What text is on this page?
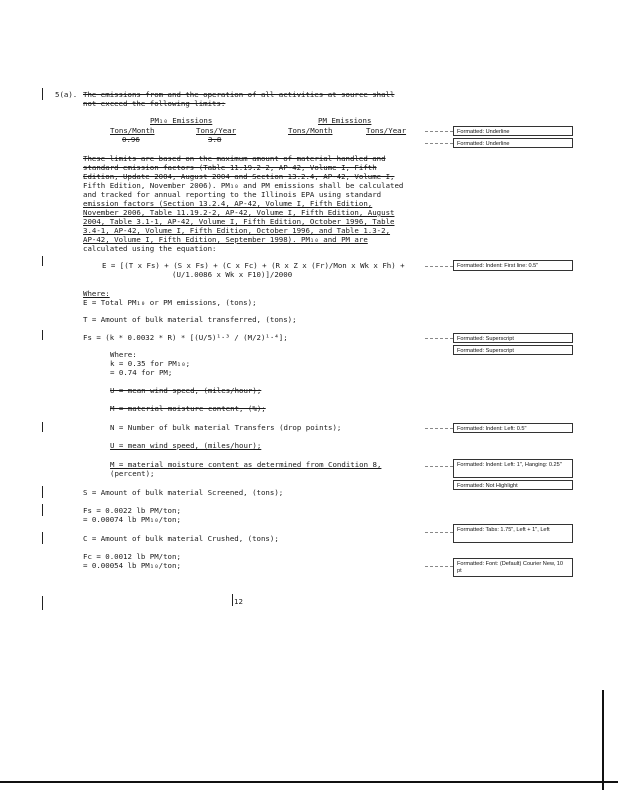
5(a). The emissions from and the operation of all activities at source shall
not exceed the following limits:
PM₁₀ Emissions	PM Emissions
Tons/Month	Tons/Year	Tons/Month	Tons/Year
0.96	3.8
These limits are based on the maximum amount of material handled and
standard emission factors (Table 11.19.2-2, AP-42, Volume I, Fifth
Edition, Update 2004, August 2004 and Section 13.2.4, AP-42, Volume I,
Fifth Edition, November 2006). PM₁₀ and PM emissions shall be calculated
and tracked for annual reporting to the Illinois EPA using standard
emission factors (Section 13.2.4, AP-42, Volume I, Fifth Edition,
November 2006, Table 11.19.2-2, AP-42, Volume I, Fifth Edition, August
2004, Table 3.1-1, AP-42, Volume I, Fifth Edition, October 1996, Table
3.4-1, AP-42, Volume I, Fifth Edition, October 1996, and Table 1.3-2,
AP-42, Volume I, Fifth Edition, September 1998). PM₁₀ and PM are
calculated using the equation:
E = [(T x Fs) + (S x Fs) + (C x Fc) + (R x Z x (Fr)/Mon x Wk x Fh) +
(U/1.0086 x Wk x F10)]/2000
Where:
E = Total PM₁₀ or PM emissions, (tons);
T = Amount of bulk material transferred, (tons);
Fs = (k * 0.0032 * R) * [(U/5)¹·³ / (M/2)¹·⁴];
Where:
k = 0.35 for PM₁₀;
= 0.74 for PM;
U = mean wind speed, (miles/hour);
M = material moisture content, (%);
N = Number of bulk material Transfers (drop points);
U = mean wind speed, (miles/hour);
M = material moisture content as determined from Condition 8,
(percent);
S = Amount of bulk material Screened, (tons);
Fs = 0.0022 lb PM/ton;
= 0.00074 lb PM₁₀/ton;
C = Amount of bulk material Crushed, (tons);
Fc = 0.0012 lb PM/ton;
= 0.00054 lb PM₁₀/ton;
12
Formatted: Underline
Formatted: Underline
Formatted: Indent: First line: 0.5"
Formatted: Superscript
Formatted: Superscript
Formatted: Indent: Left: 0.5"
Formatted: Indent: Left: 1", Hanging: 0.25"
Formatted: Not Highlight
Formatted: Tabs: 1.75", Left + 1", Left
Formatted: Font: (Default) Courier New, 10 pt
